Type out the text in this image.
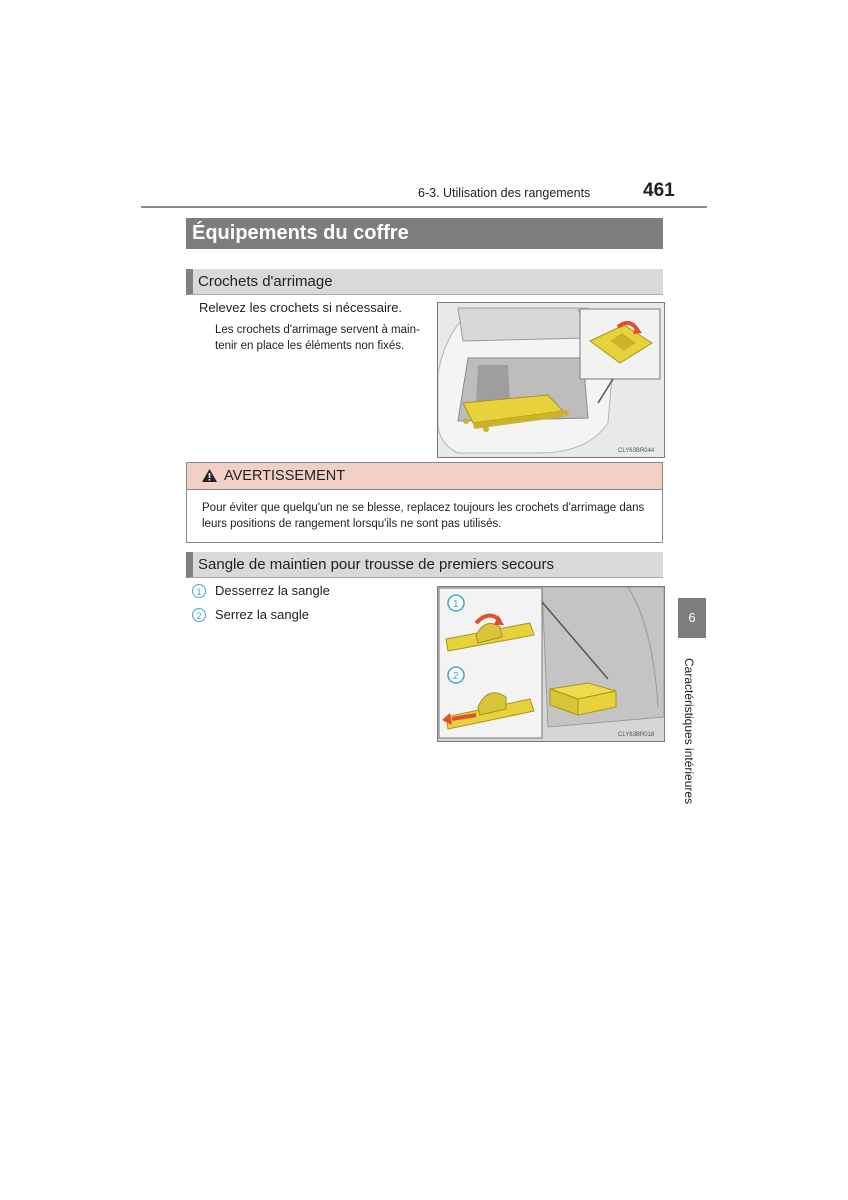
6-3. Utilisation des rangements	461
Équipements du coffre
Crochets d'arrimage
Relevez les crochets si nécessaire.
Les crochets d'arrimage servent à main-
tenir en place les éléments non fixés.
CLY63BR044
AVERTISSEMENT
Pour éviter que quelqu'un ne se blesse, replacez toujours les crochets d'arrimage dans
leurs positions de rangement lorsqu'ils ne sont pas utilisés.
Sangle de maintien pour trousse de premiers secours
1	Desserrez la sangle
2	Serrez la sangle
1
2
CLY63BR018
6
Caractéristiques intérieures
